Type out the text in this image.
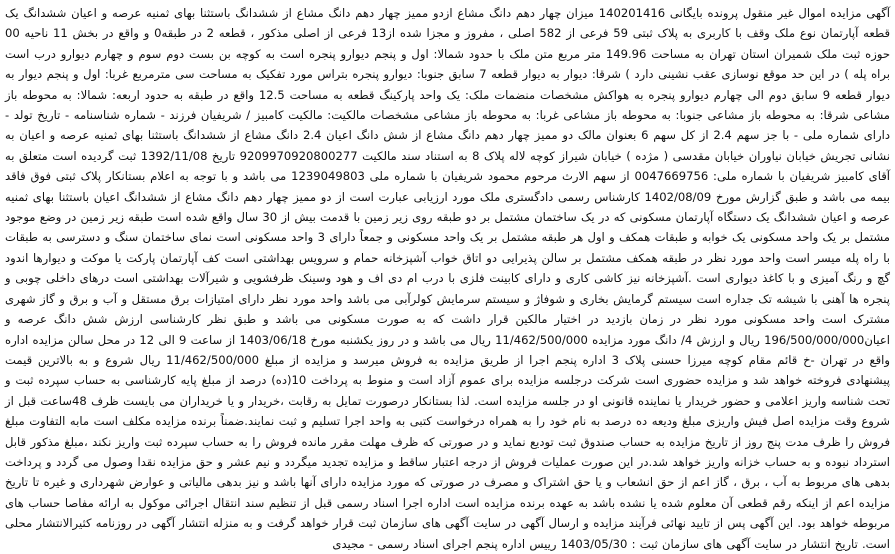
آگهی مزایده اموال غیر منقول پرونده بایگانی 140201416 میزان چهار دهم دانگ مشاع ازدو ممیز چهار دهم دانگ مشاع از ششدانگ باستثنا بهای ثمنیه عرصه و اعیان ششدانگ یک قطعه آپارتمان نوع ملک وقف با کاربری به پلاک ثبتی 59 فرعی از 582 اصلی ، مفروز و مجزا شده از13 فرعی از اصلی مذکور ، قطعه 2 در طبقه0 و واقع در بخش 11 ناحیه 00 حوزه ثبت ملک شمیران استان تهران به مساحت 149.96 متر مربع متن ملک با حدود شمالا: اول و پنجم دیوارو پنجره است به کوچه بن بست دوم سوم و چهارم دیوارو درب است براه پله ) در این حد موقع نوسازی عقب نشینی دارد ) شرقا: دیوار به دیوار قطعه 7 سابق جنوبا: دیوارو پنجره بتراس مورد تفکیک به مساحت سی مترمربع غربا: اول و پنجم دیوار به دیوار قطعه 9 سابق دوم الی چهارم دیوارو پنجره به هواکش مشخصات منضمات ملک: یک واحد پارکینگ قطعه به مساحت 12.5 واقع در طبقه به حدود اربعه: شمالا: به محوطه باز مشاعی شرقا: به محوطه باز مشاعی جنوبا: به محوطه باز مشاعی غربا: به محوطه باز مشاعی مشخصات مالکیت: مالکیت کامبیز / شریفیان فرزند - شماره شناسنامه - تاریخ تولد - دارای شماره ملی - با جز سهم 2.4 از کل سهم 6 بعنوان مالک دو ممیز چهار دهم دانگ مشاع از شش دانگ اعیان 2.4 دانگ مشاع از ششدانگ باستثنا بهای ثمنیه عرصه و اعیان به نشانی تجریش خیابان نیاوران خیابان مقدسی ( مژده ) خیابان شیراز کوچه لاله پلاک 8 به استناد سند مالکیت 9209970920800277 تاریخ 1392/11/08 ثبت گردیده است متعلق به آقای کامبیز شریفیان با شماره ملی: 0047669756 از سهم الارث مرحوم محمود شریفیان با شماره ملی 1239049803 می باشد و با توجه به اعلام بستانکار پلاک ثبتی فوق فاقد بیمه می باشد و طبق گزارش مورخ 1402/08/09 کارشناس رسمی دادگستری ملک مورد ارزیابی عبارت است از دو ممیز چهار دهم دانگ مشاع از ششدانگ اعیان باستثنا بهای ثمنیه عرصه و اعیان ششدانگ یک دستگاه آپارتمان مسکونی که در یک ساختمان مشتمل بر دو طبقه روی زیر زمین با قدمت بیش از 30 سال واقع شده است طبقه زیر زمین در وضع موجود مشتمل بر یک واحد مسکونی یک خوابه و طبقات همکف و اول هر طبقه مشتمل بر یک واحد مسکونی و جمعاً دارای 3 واحد مسکونی است نمای ساختمان سنگ و دسترسی به طبقات با راه پله میسر است واحد مورد نظر در طبقه همکف مشتمل بر سالن پذیرایی دو اتاق خواب آشپزخانه حمام و سرویس بهداشتی است کف آپارتمان پارکت یا موکت و دیوارها اندود گچ و رنگ آمیزی و با کاغذ دیواری است .آشپزخانه نیز کاشی کاری و دارای کابینت فلزی با درب ام دی اف و هود وسینک ظرفشویی و شیرآلات بهداشتی است درهای داخلی چوبی و پنجره ها آهنی با شیشه تک جداره است سیستم گرمایش بخاری و شوفاژ و سیستم سرمایش کولرآبی می باشد واحد مورد نظر دارای امتیازات برق مستقل و آب و برق و گاز شهری مشترک است واحد مسکونی مورد نظر در زمان بازدید در اختیار مالکین قرار داشت که به صورت مسکونی می باشد و طبق نظر کارشناسی ارزش شش دانگ عرصه و اعیان196/500/000/000 ریال و ارزش 4/ دانگ مورد مزایده 11/462/500/000 ریال می باشد و در روز یکشنبه مورخ 1403/06/18 از ساعت 9 الی 12 در محل سالن مزایده اداره واقع در تهران -خ قائم مقام کوچه میرزا حسنی پلاک 3 اداره پنجم اجرا از طریق مزایده به فروش میرسد و مزایده از مبلغ 11/462/500/000 ریال شروع و به بالاترین قیمت پیشنهادی فروخته خواهد شد و مزایده حضوری است شرکت درجلسه مزایده برای عموم آزاد است و منوط به پرداخت 10(ده) درصد از مبلغ پایه کارشناسی به حساب سپرده ثبت و تحت شناسه واریز اعلامی و حضور خریدار یا نماینده قانونی او در جلسه مزایده است. لذا بستانکار درصورت تمایل به رقابت ،خریدار و یا خریداران می بایست ظرف 48ساعت قبل از شروع وقت مزایده اصل فیش واریزی مبلغ ودیعه ده درصد به نام خود را به همراه درخواست کتبی به واحد اجرا تسلیم و ثبت نمایند.ضمناً برنده مزایده مکلف است مابه التفاوت مبلغ فروش را ظرف مدت پنج روز از تاریخ مزایده به حساب صندوق ثبت تودیع نماید و در صورتی که ظرف مهلت مقرر مانده فروش را به حساب سپرده ثبت واریز نکند ،مبلغ مذکور قابل استرداد نبوده و به حساب خزانه واریز خواهد شد.در این صورت عملیات فروش از درجه اعتبار ساقط و مزایده تجدید میگردد و نیم عشر و حق مزایده نقدا وصول می گردد و پرداخت بدهی های مربوط به آب ، برق ، گاز اعم از حق انشعاب و یا حق اشتراک و مصرف در صورتی که مورد مزایده دارای آنها باشد و نیز بدهی مالیاتی و عوارض شهرداری و غیره تا تاریخ مزایده اعم از اینکه رقم قطعی آن معلوم شده یا نشده باشد به عهده برنده مزایده است اداره اجرا اسناد رسمی قبل از تنظیم سند انتقال اجرائی موکول به ارائه مفاصا حساب های مربوطه خواهد بود. این آگهی پس از تایید نهائی فرآیند مزایده و ارسال آگهی در سایت آگهی های سازمان ثبت قرار خواهد گرفت و به منزله انتشار آگهی در روزنامه کثیرالانتشار محلی است. تاریخ انتشار در سایت آگهی های سازمان ثبت : 1403/05/30 رییس اداره پنجم اجرای اسناد رسمی - مجیدی
